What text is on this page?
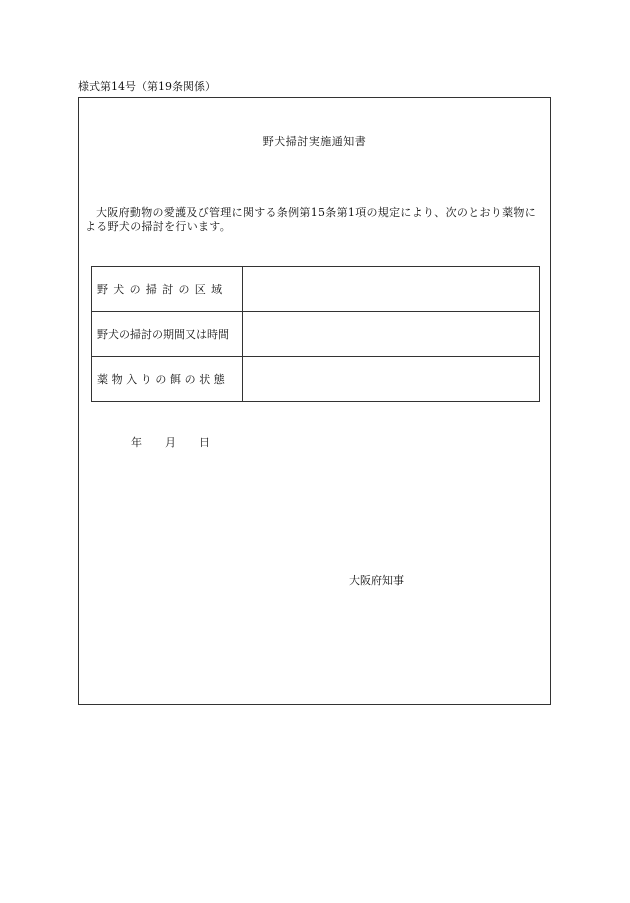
様式第14号（第19条関係）
野犬掃討実施通知書
大阪府動物の愛護及び管理に関する条例第15条第1項の規定により、次のとおり薬物による野犬の掃討を行います。
野犬の掃討の区域	
野犬の掃討の期間又は時間	
薬物入りの餌の状態	
年 月 日
大阪府知事
